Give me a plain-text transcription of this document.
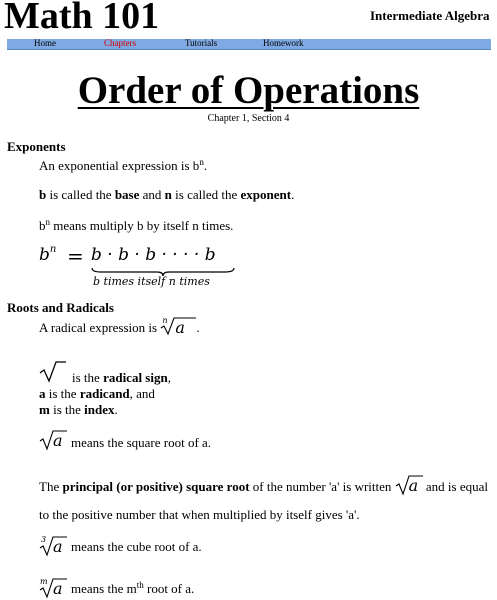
Math 101	Intermediate Algebra
Home	Chapters	Tutorials	Homework
Order of Operations
Chapter 1, Section 4
Exponents
An exponential expression is $b^n$.
b is called the base and n is called the exponent.
$b^n$ means multiply b by itself n times.
$b^n = b \cdot b \cdot b$ · · · · b
b times itself n times
Roots and Radicals
A radical expression is n a .
is the radical sign,
a is the radicand, and
m is the index.
a means the square root of a.
The principal (or positive) square root of the number 'a' is written a and is equal
to the positive number that when multiplied by itself gives 'a'.
3 a means the cube root of a.
m a means the $m^{th}$ root of a.
